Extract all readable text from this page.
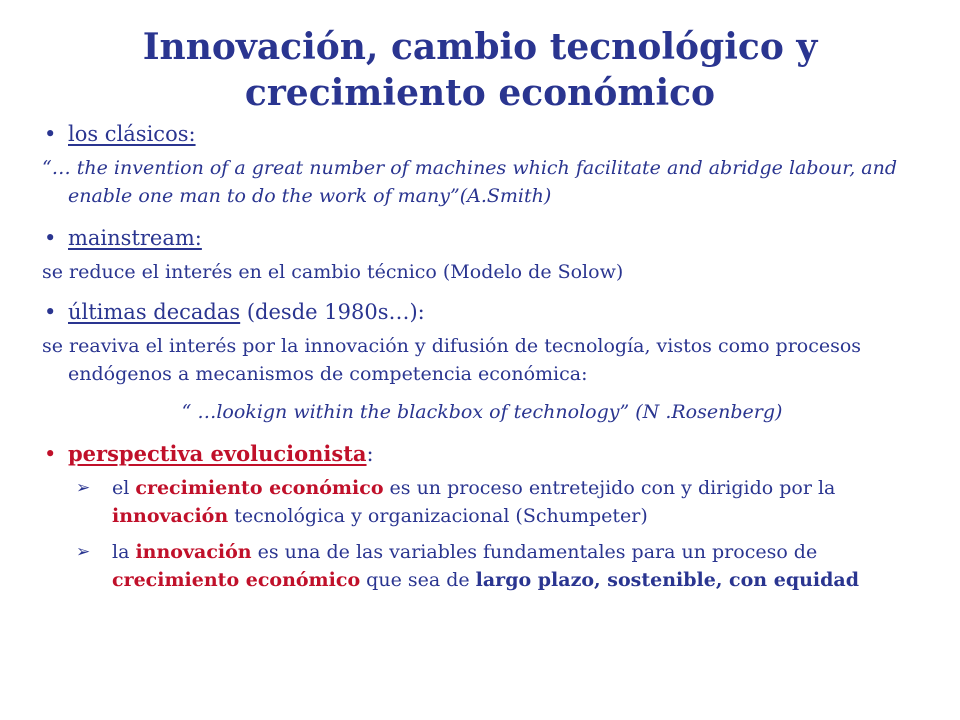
Innovación, cambio tecnológico y crecimiento económico
• los clásicos:
“… the invention of a great number of machines which facilitate and abridge labour, and enable one man to do the work of many”(A.Smith)
• mainstream:
se reduce el interés en el cambio técnico (Modelo de Solow)
• últimas decadas (desde 1980s…):
se reaviva el interés por la innovación y difusión de tecnología, vistos como procesos endógenos a mecanismos de competencia económica:
“ …lookign within the blackbox of technology” (N .Rosenberg)
• perspectiva evolucionista:
➢ el crecimiento económico es un proceso entretejido con y dirigido por la innovación tecnológica y organizacional (Schumpeter)
➢ la innovación es una de las variables fundamentales para un proceso de crecimiento económico que sea de largo plazo, sostenible, con equidad
